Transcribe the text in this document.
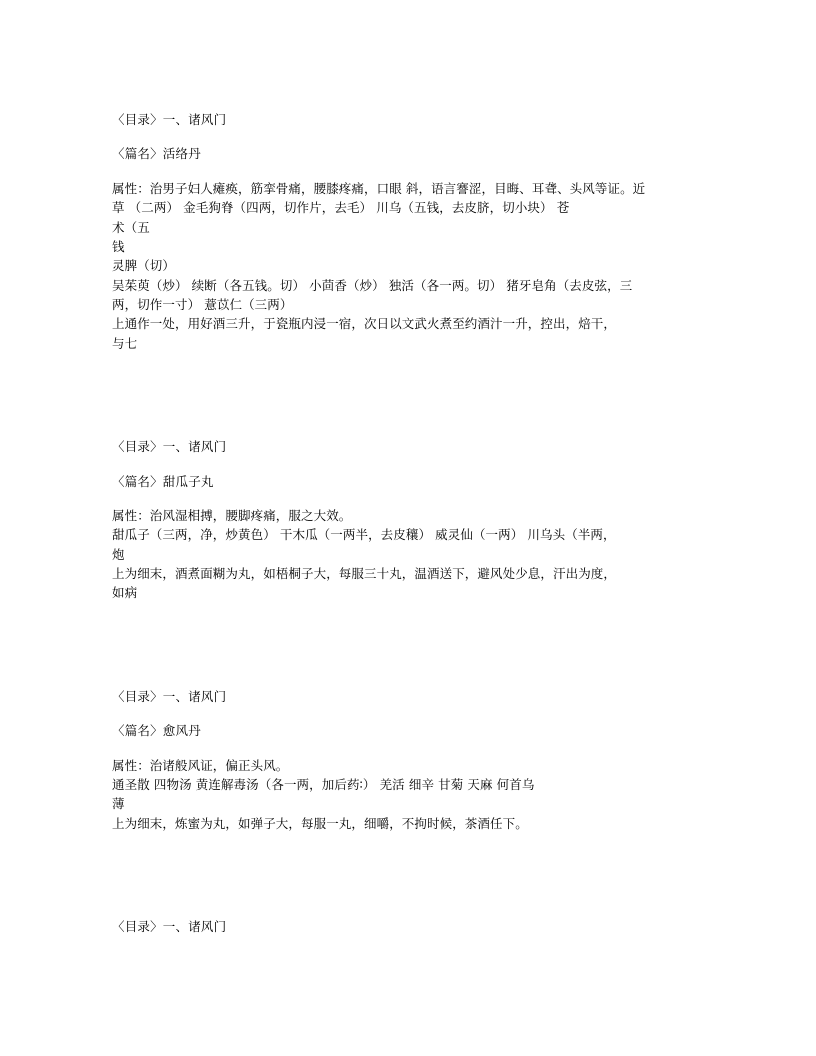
〈目录〉一、诸风门

〈篇名〉活络丹

属性：治男子妇人瘫痪，筋挛骨痛，腰膝疼痛，口眼 斜，语言謇涩，目晦、耳聋、头风等证。近

草 （二两） 金毛狗脊（四两，切作片，去毛） 川乌（五钱，去皮脐，切小块） 苍

术（五

钱

灵脾（切）

吴茱萸（炒） 续断（各五钱。切） 小茴香（炒） 独活（各一两。切） 猪牙皂角（去皮弦，三

两，切作一寸） 薏苡仁（三两）

上通作一处，用好酒三升，于瓷瓶内浸一宿，次日以文武火煮至约酒汁一升，控出，焙干，

与七

〈目录〉一、诸风门

〈篇名〉甜瓜子丸

属性：治风湿相搏，腰脚疼痛，服之大效。

甜瓜子（三两，净，炒黄色） 干木瓜（一两半，去皮穰） 威灵仙（一两） 川乌头（半两，

炮

上为细末，酒煮面糊为丸，如梧桐子大，每服三十丸，温酒送下，避风处少息，汗出为度，

如病

〈目录〉一、诸风门

〈篇名〉愈风丹

属性：治诸般风证，偏正头风。

通圣散 四物汤 黄连解毒汤（各一两，加后药∶） 羌活 细辛 甘菊 天麻 何首乌

薄

上为细末，炼蜜为丸，如弹子大，每服一丸，细嚼，不拘时候，茶酒任下。

〈目录〉一、诸风门
